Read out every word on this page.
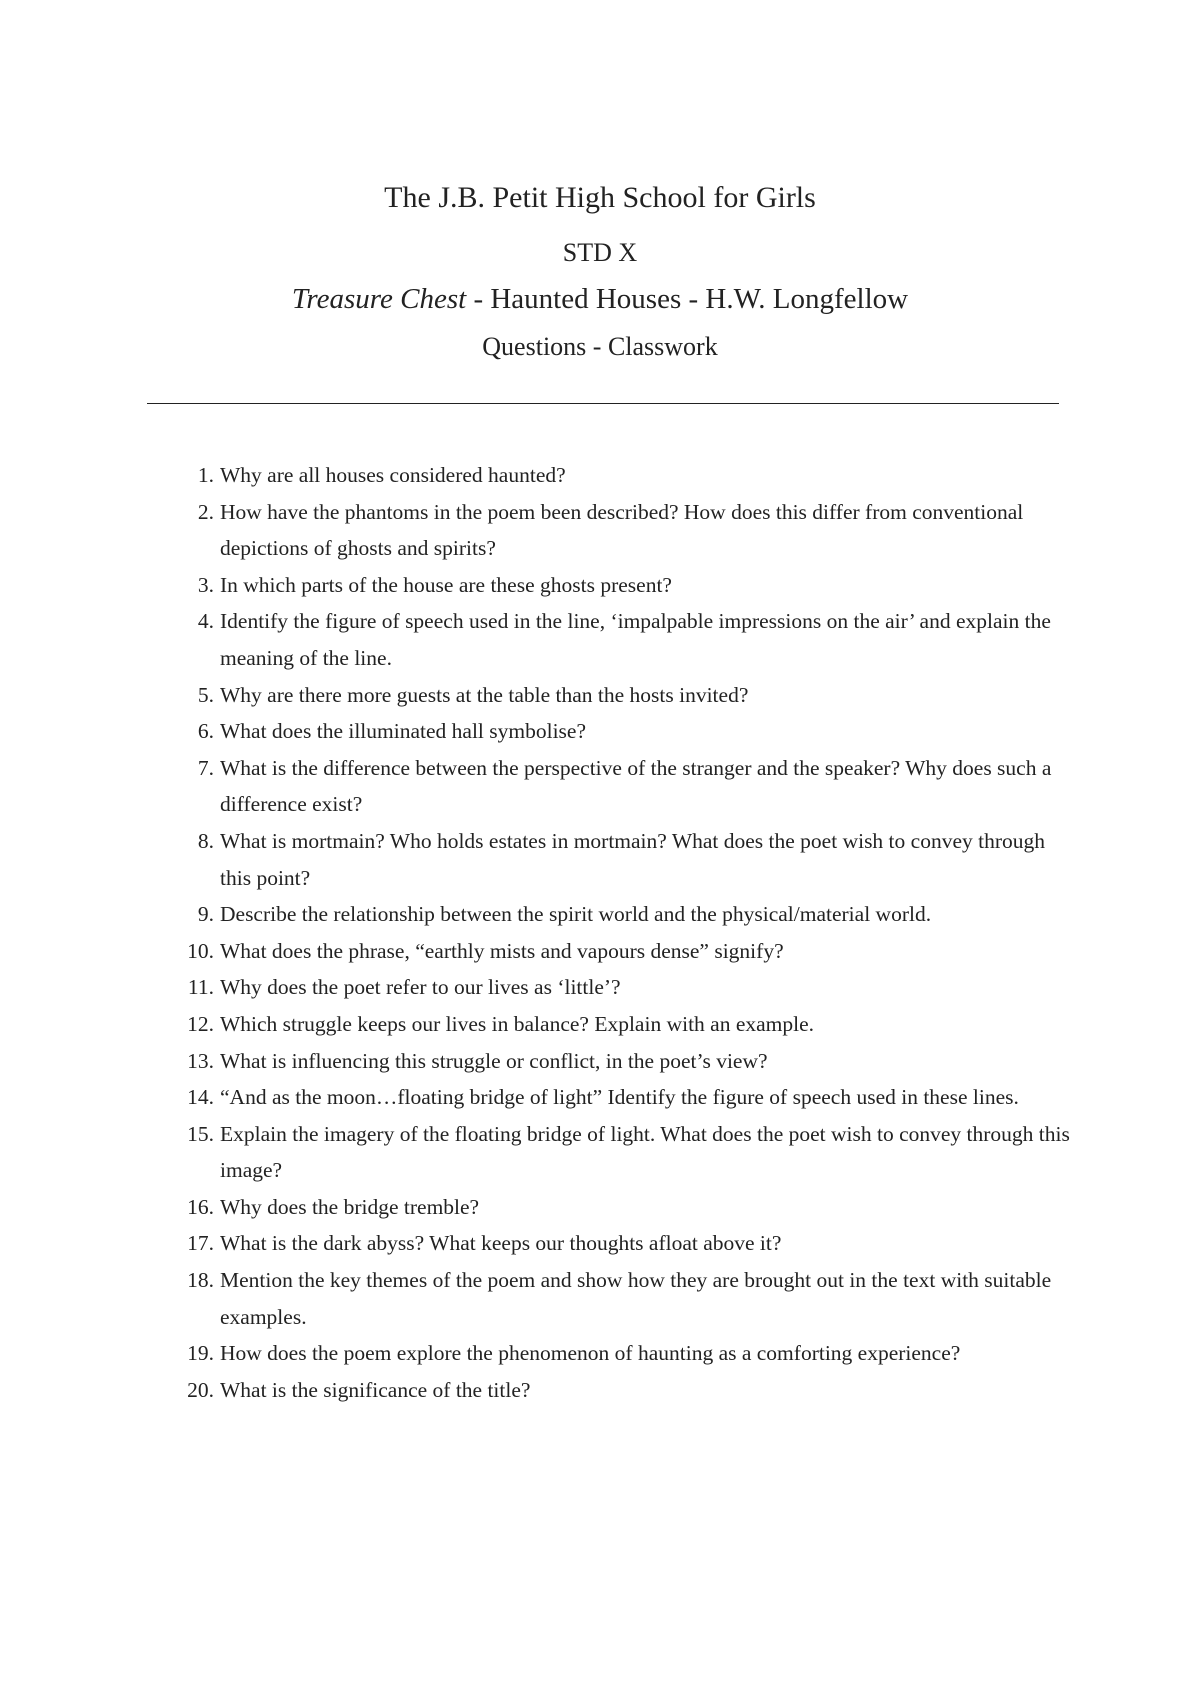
The J.B. Petit High School for Girls
STD X
Treasure Chest - Haunted Houses - H.W. Longfellow
Questions - Classwork
1. Why are all houses considered haunted?
2. How have the phantoms in the poem been described? How does this differ from conventional depictions of ghosts and spirits?
3. In which parts of the house are these ghosts present?
4. Identify the figure of speech used in the line, ‘impalpable impressions on the air’ and explain the meaning of the line.
5. Why are there more guests at the table than the hosts invited?
6. What does the illuminated hall symbolise?
7. What is the difference between the perspective of the stranger and the speaker? Why does such a difference exist?
8. What is mortmain? Who holds estates in mortmain? What does the poet wish to convey through this point?
9. Describe the relationship between the spirit world and the physical/material world.
10. What does the phrase, “earthly mists and vapours dense” signify?
11. Why does the poet refer to our lives as ‘little’?
12. Which struggle keeps our lives in balance? Explain with an example.
13. What is influencing this struggle or conflict, in the poet’s view?
14. “And as the moon…floating bridge of light” Identify the figure of speech used in these lines.
15. Explain the imagery of the floating bridge of light. What does the poet wish to convey through this image?
16. Why does the bridge tremble?
17. What is the dark abyss? What keeps our thoughts afloat above it?
18. Mention the key themes of the poem and show how they are brought out in the text with suitable examples.
19. How does the poem explore the phenomenon of haunting as a comforting experience?
20. What is the significance of the title?
